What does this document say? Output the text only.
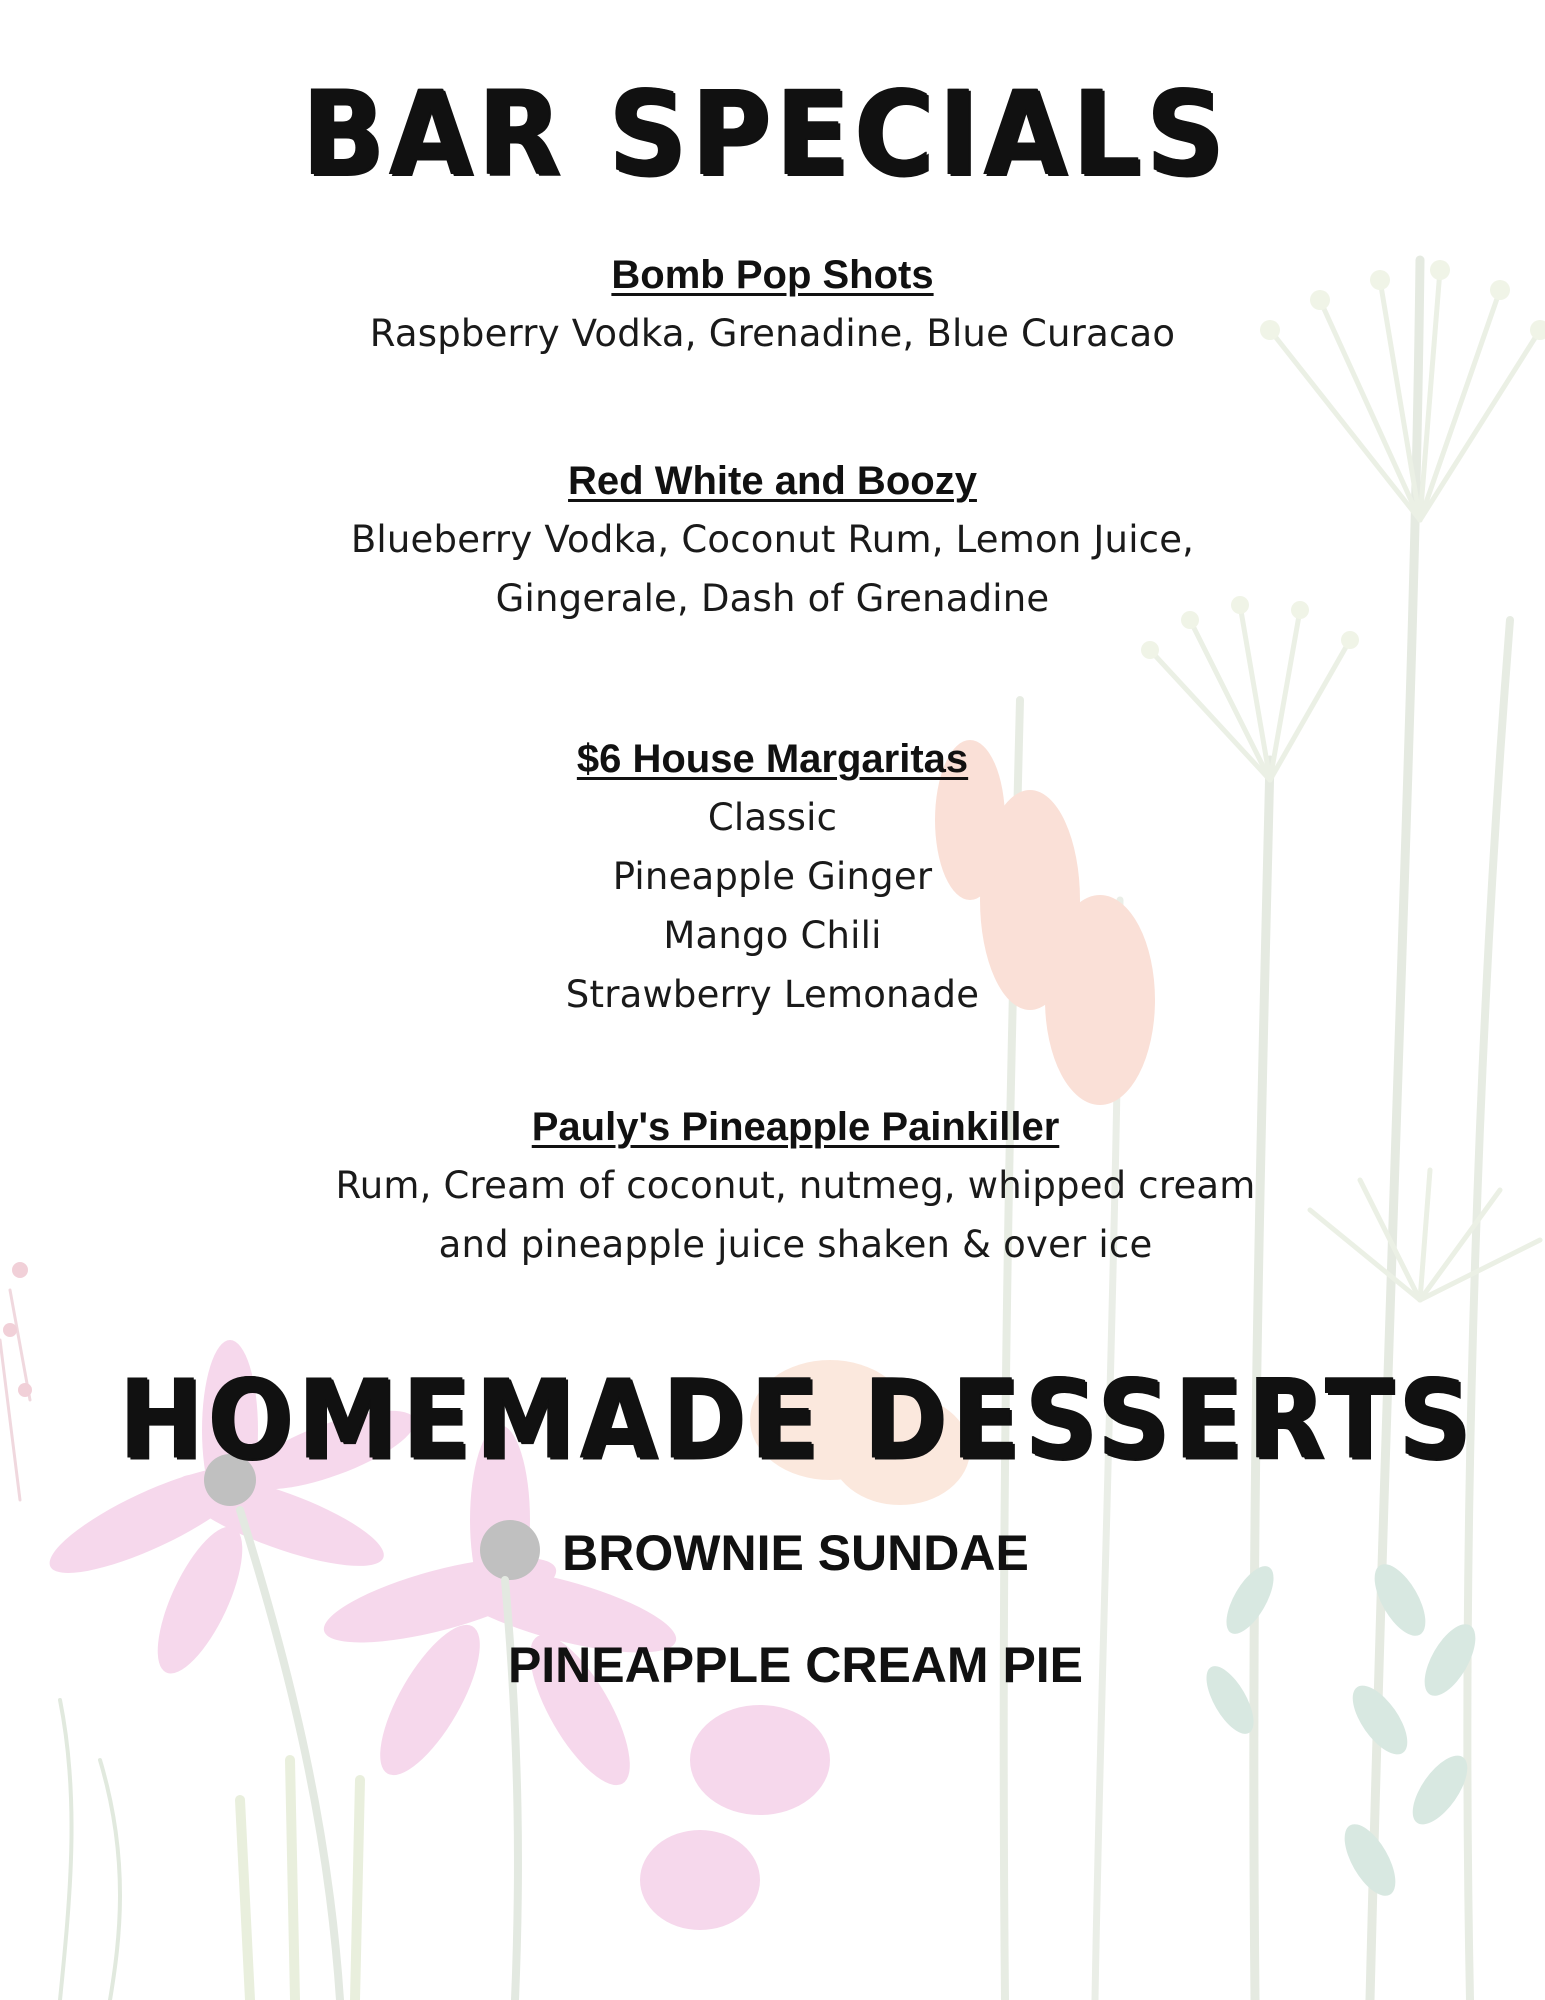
BAR SPECIALS
Bomb Pop Shots
Raspberry Vodka, Grenadine, Blue Curacao
Red White and Boozy
Blueberry Vodka, Coconut Rum, Lemon Juice,
Gingerale, Dash of Grenadine
$6 House Margaritas
Classic
Pineapple Ginger
Mango Chili
Strawberry Lemonade
Pauly's Pineapple Painkiller
Rum, Cream of coconut, nutmeg, whipped cream
and pineapple juice shaken & over ice
HOMEMADE DESSERTS
BROWNIE SUNDAE
PINEAPPLE CREAM PIE
